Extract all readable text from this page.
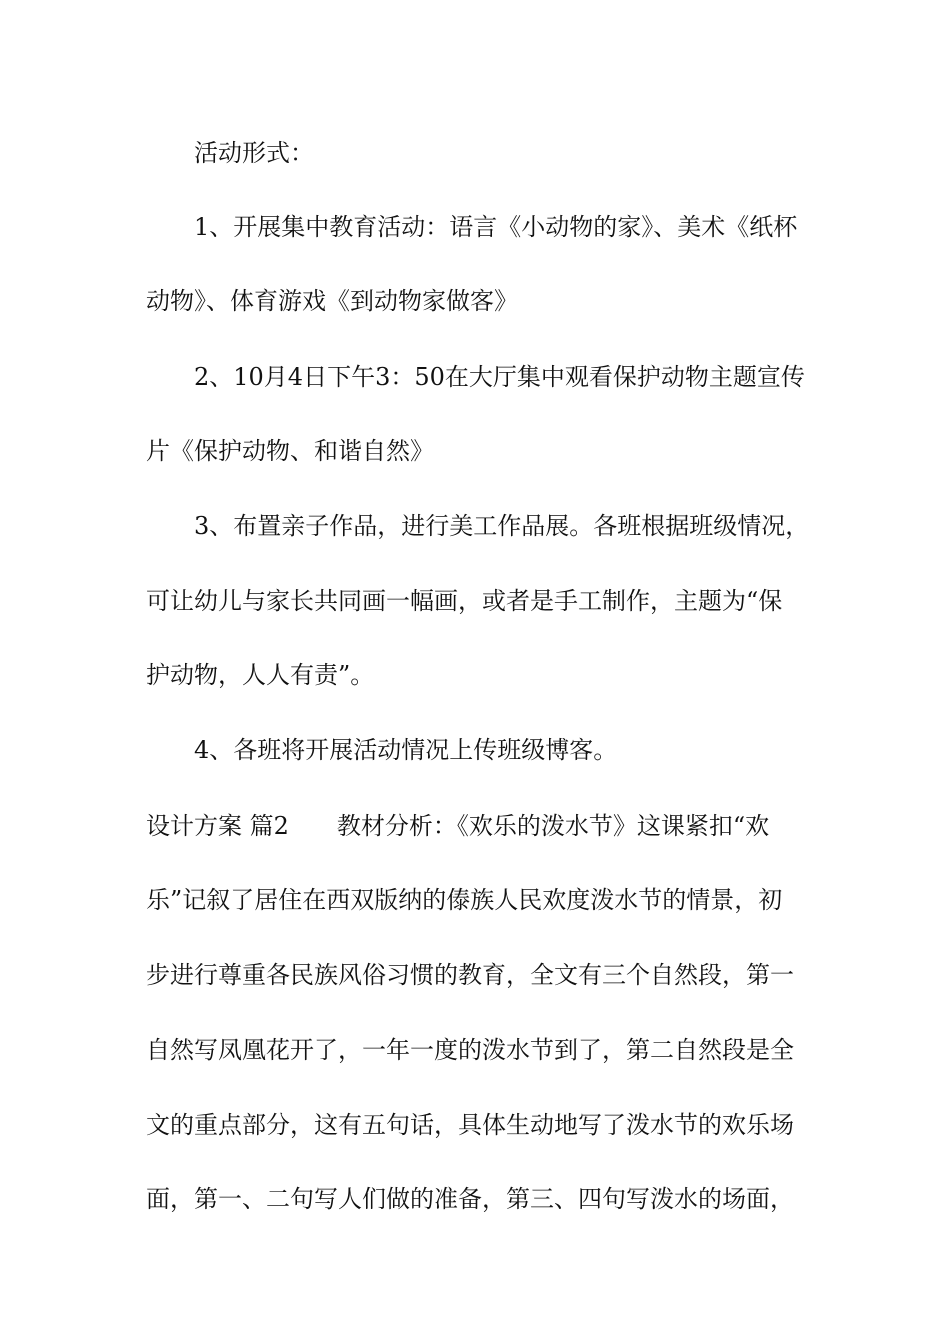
活动形式：
1、开展集中教育活动：语言《小动物的家》、美术《纸杯
动物》、体育游戏《到动物家做客》
2、10月4日下午3：50在大厅集中观看保护动物主题宣传
片《保护动物、和谐自然》
3、布置亲子作品，进行美工作品展。各班根据班级情况，
可让幼儿与家长共同画一幅画，或者是手工制作，主题为“保
护动物，人人有责”。
4、各班将开展活动情况上传班级博客。
设计方案 篇2 教材分析：《欢乐的泼水节》这课紧扣“欢
乐”记叙了居住在西双版纳的傣族人民欢度泼水节的情景，初
步进行尊重各民族风俗习惯的教育，全文有三个自然段，第一
自然写凤凰花开了，一年一度的泼水节到了，第二自然段是全
文的重点部分，这有五句话，具体生动地写了泼水节的欢乐场
面，第一、二句写人们做的准备，第三、四句写泼水的场面，
